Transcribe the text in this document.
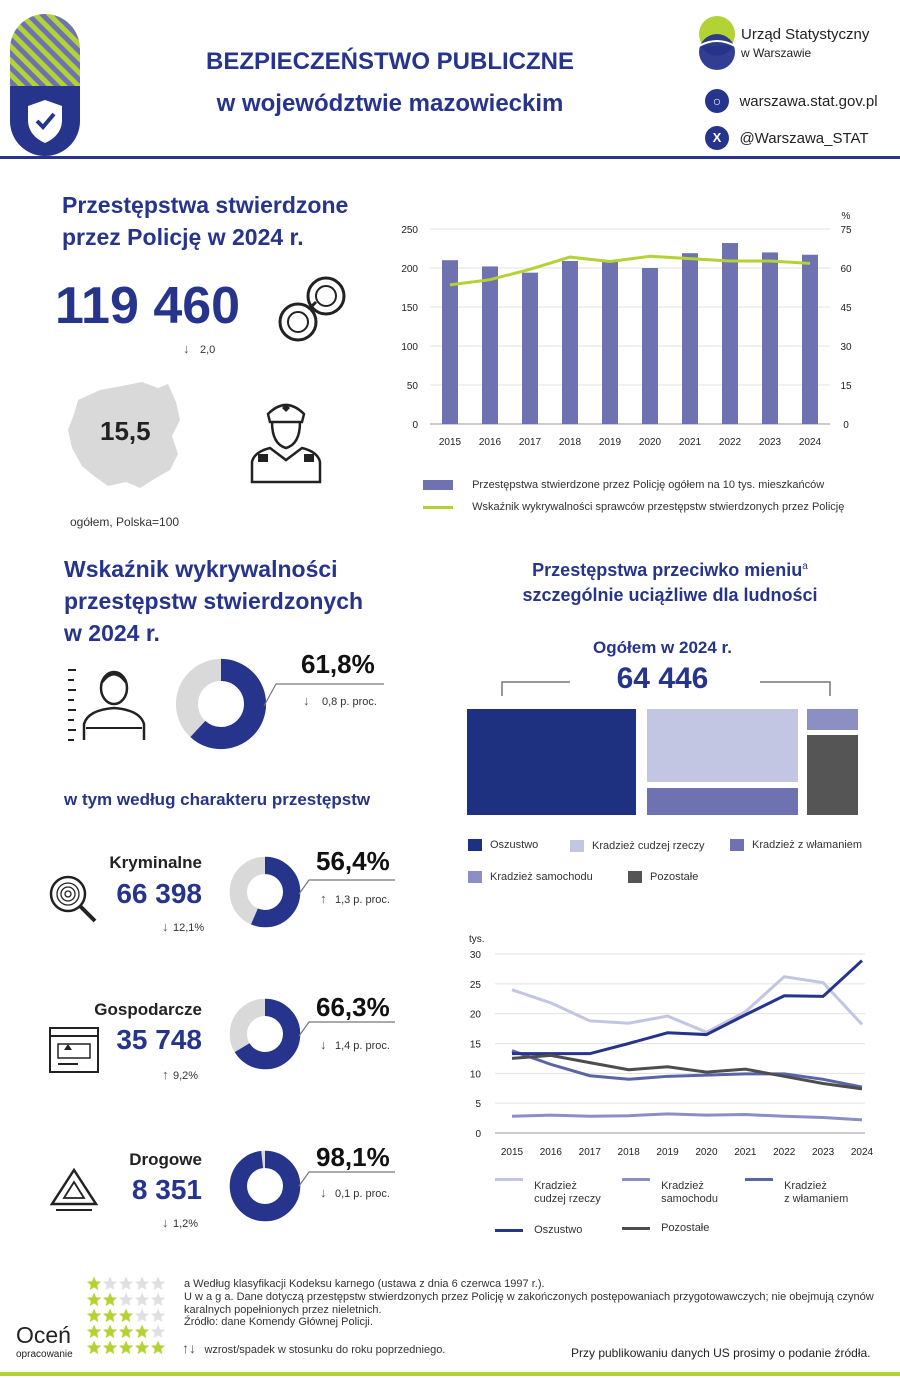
BEZPIECZEŃSTWO PUBLICZNE
w województwie mazowieckim
Urząd Statystyczny
w Warszawie
○ warszawa.stat.gov.pl
X @Warszawa_STAT
Przestępstwa stwierdzone
przez Policję w 2024 r.
119 460
↓ 2,0
15,5
ogółem, Polska=100
0	0
50	15
100	30
150	45
200	60
250	75
%
2015 2016 2017 2018 2019 2020 2021 2022 2023 2024
Przestępstwa stwierdzone przez Policję ogółem na 10 tys. mieszkańców
Wskaźnik wykrywalności sprawców przestępstw stwierdzonych przez Policję
Wskaźnik wykrywalności
przestępstw stwierdzonych
w 2024 r.
61,8%
↓ 0,8 p. proc.
w tym według charakteru przestępstw
Kryminalne
66 398
↓ 12,1%
56,4%
↑ 1,3 p. proc.
Gospodarcze
35 748
↑ 9,2%
66,3%
↓ 1,4 p. proc.
Drogowe
8 351
↓ 1,2%
98,1%
↓ 0,1 p. proc.
Przestępstwa przeciwko mieniu$^a$
szczególnie uciążliwe dla ludności
Ogółem w 2024 r.
64 446
Oszustwo	Kradzież cudzej rzeczy	Kradzież z włamaniem
Kradzież samochodu	Pozostałe
tys.
0
5
10
15
20
25
30
2015 2016 2017 2018 2019 2020 2021 2022 2023 2024
Kradzież
cudzej rzeczy
Kradzież
samochodu
Kradzież
z włamaniem
Oszustwo	Pozostałe
Oceń
opracowanie
a Według klasyfikacji Kodeksu karnego (ustawa z dnia 6 czerwca 1997 r.).
U w a g a. Dane dotyczą przestępstw stwierdzonych przez Policję w zakończonych postępowaniach przygotowawczych; nie obejmują czynów
karalnych popełnionych przez nieletnich.
Źródło: dane Komendy Głównej Policji.
↑↓ wzrost/spadek w stosunku do roku poprzedniego.	Przy publikowaniu danych US prosimy o podanie źródła.
